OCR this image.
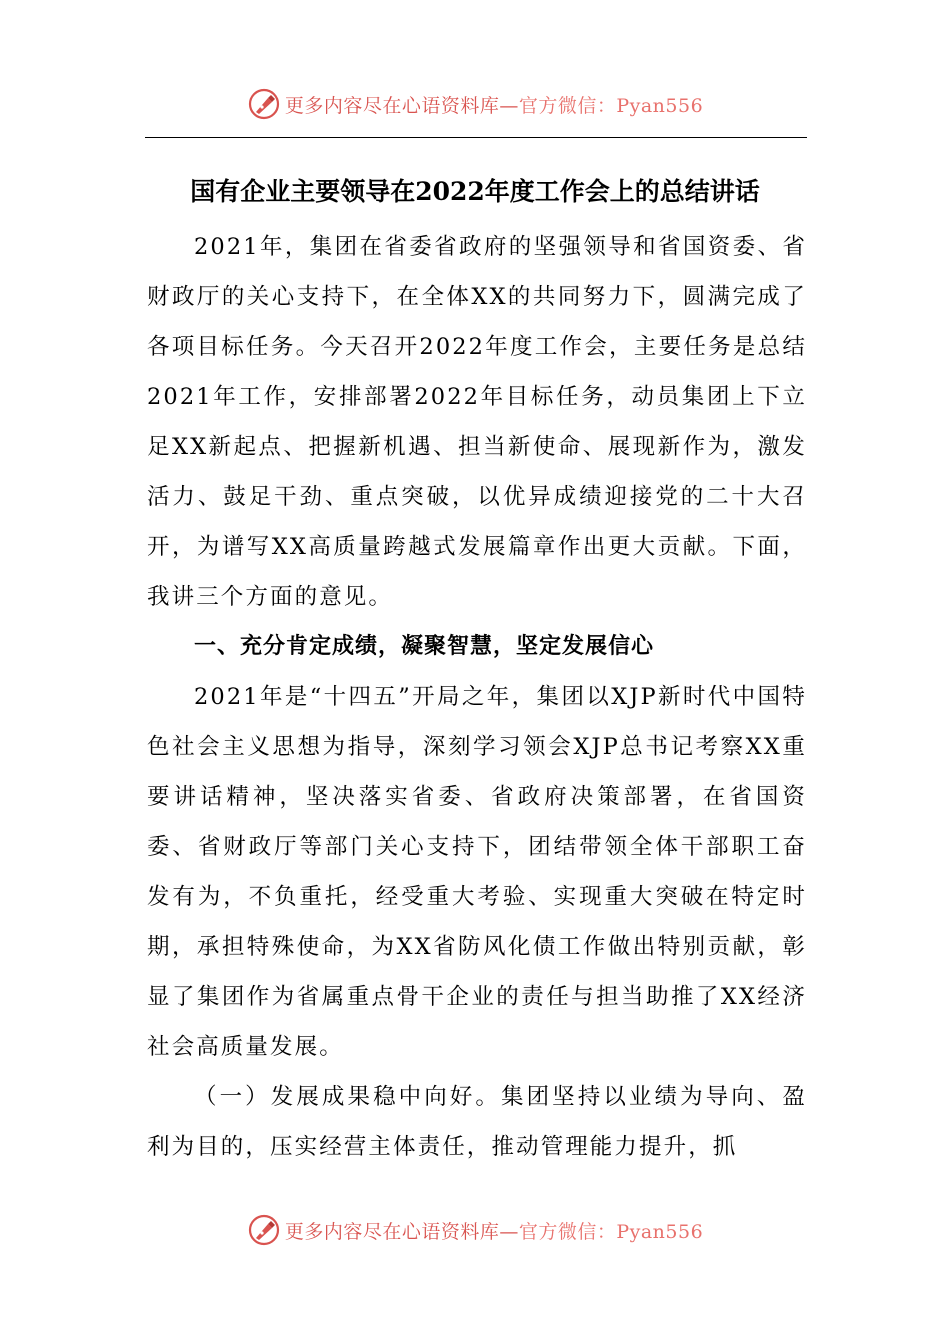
更多内容尽在心语资料库—官方微信：Pyan556
国有企业主要领导在2022年度工作会上的总结讲话

2021年，集团在省委省政府的坚强领导和省国资委、省财政厅的关心支持下，在全体XX的共同努力下，圆满完成了各项目标任务。今天召开2022年度工作会，主要任务是总结2021年工作，安排部署2022年目标任务，动员集团上下立足XX新起点、把握新机遇、担当新使命、展现新作为，激发活力、鼓足干劲、重点突破，以优异成绩迎接党的二十大召开，为谱写XX高质量跨越式发展篇章作出更大贡献。下面，我讲三个方面的意见。

一、充分肯定成绩，凝聚智慧，坚定发展信心

2021年是“十四五”开局之年，集团以XJP新时代中国特色社会主义思想为指导，深刻学习领会XJP总书记考察XX重要讲话精神，坚决落实省委、省政府决策部署，在省国资委、省财政厅等部门关心支持下，团结带领全体干部职工奋发有为，不负重托，经受重大考验、实现重大突破在特定时期，承担特殊使命，为XX省防风化债工作做出特别贡献，彰显了集团作为省属重点骨干企业的责任与担当助推了XX经济社会高质量发展。

（一）发展成果稳中向好。集团坚持以业绩为导向、盈利为目的，压实经营主体责任，推动管理能力提升，抓

更多内容尽在心语资料库—官方微信：Pyan556
